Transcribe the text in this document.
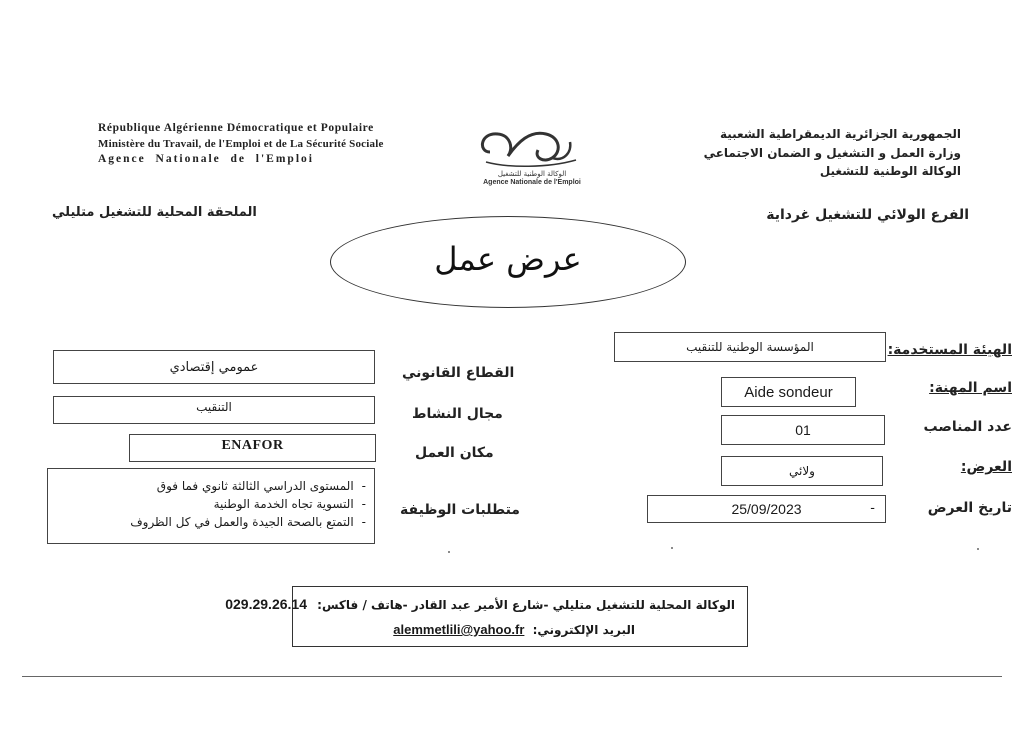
République Algérienne Démocratique et Populaire
Ministère du Travail, de l'Emploi et de La Sécurité Sociale
Agence  Nationale  de  l'Emploi
الوكالة الوطنية للتشغيل
Agence Nationale de l'Emploi
الجمهورية الجزائرية الديمقراطية الشعبية
وزارة العمل و التشغيل و الضمان الاجتماعي
الوكالة الوطنية للتشغيل
الفرع الولائي للتشغيل غرداية
الملحقة المحلية للتشغيل متليلي
عرض عمل
الهيئة المستخدمة:
المؤسسة الوطنية للتنقيب
اسم المهنة:
Aide sondeur
عدد المناصب
01
العرض:
ولائي
تاريخ العرض
25/09/2023	-
القطاع القانوني
عمومي إقتصادي
مجال النشاط
التنقيب
مكان العمل
ENAFOR
متطلبات الوظيفة
-المستوى الدراسي الثالثة ثانوي فما فوق
-التسوية تجاه الخدمة الوطنية
-التمتع بالصحة الجيدة والعمل في كل الظروف
الوكالة المحلية للتشغيل متليلي -شارع الأمير عبد القادر -هاتف / فاكس: 029.29.26.14
البريد الإلكتروني: alemmetlili@yahoo.fr
